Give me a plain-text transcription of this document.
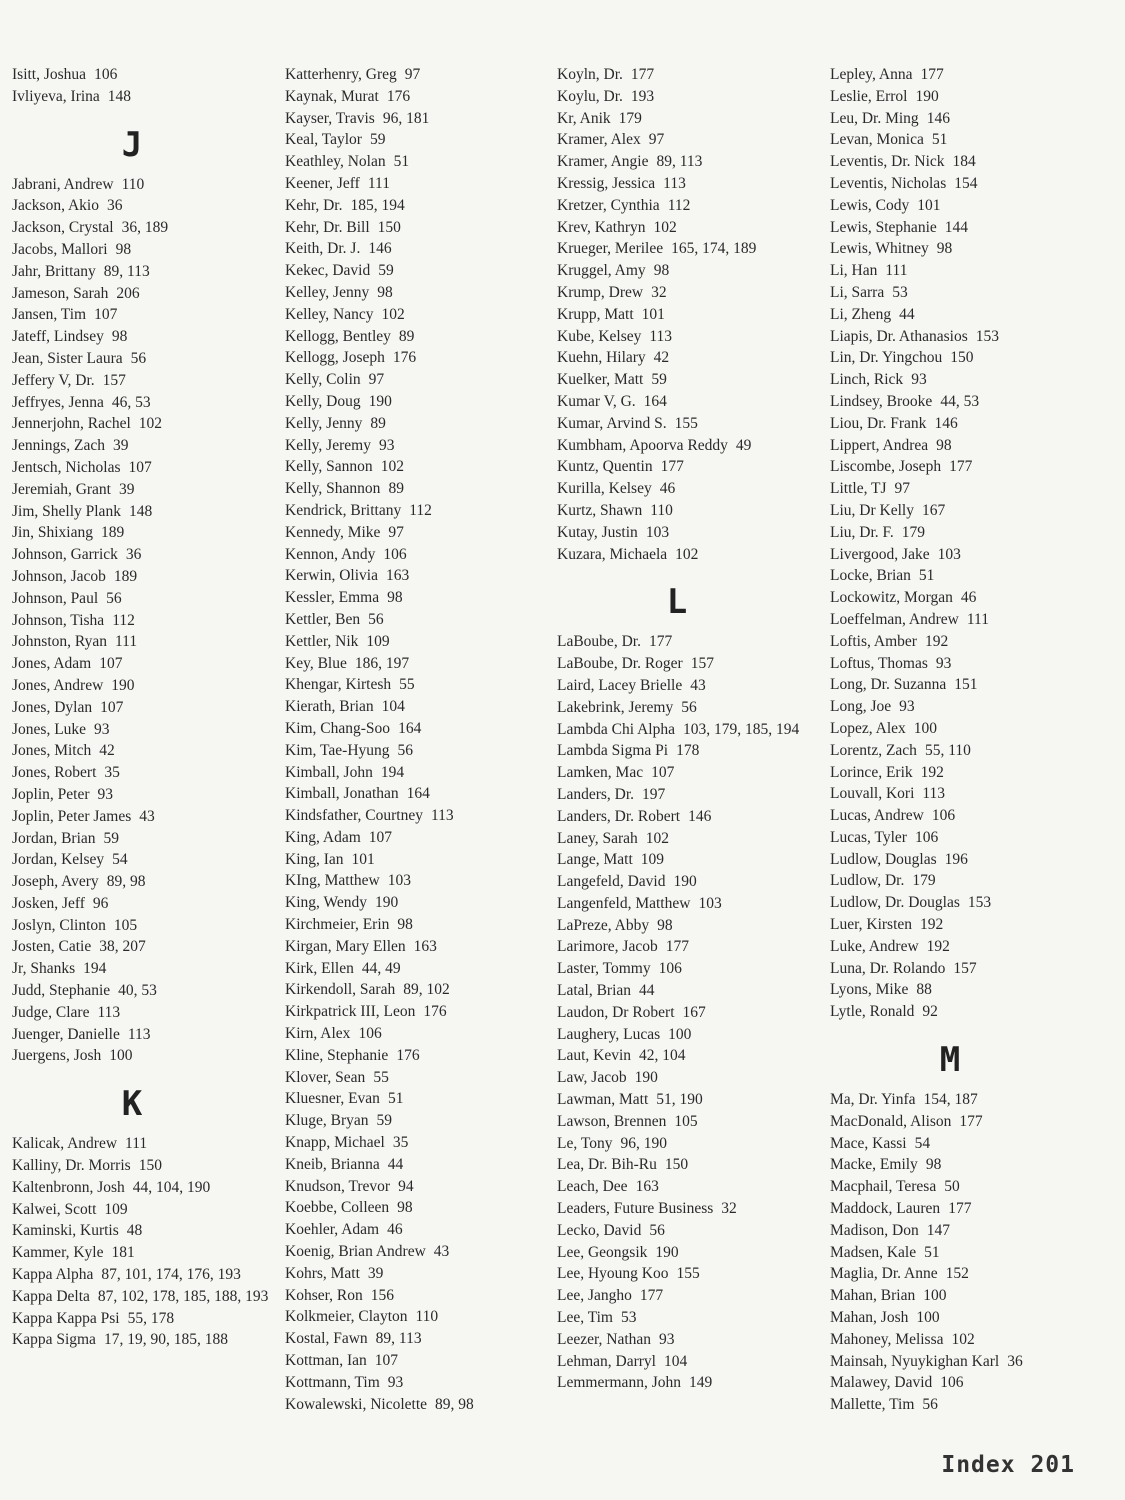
Isitt, Joshua 106
Ivliyeva, Irina 148
J
Jabrani, Andrew 110
Jackson, Akio 36
Jackson, Crystal 36, 189
Jacobs, Mallori 98
Jahr, Brittany 89, 113
Jameson, Sarah 206
Jansen, Tim 107
Jateff, Lindsey 98
Jean, Sister Laura 56
Jeffery V, Dr. 157
Jeffryes, Jenna 46, 53
Jennerjohn, Rachel 102
Jennings, Zach 39
Jentsch, Nicholas 107
Jeremiah, Grant 39
Jim, Shelly Plank 148
Jin, Shixiang 189
Johnson, Garrick 36
Johnson, Jacob 189
Johnson, Paul 56
Johnson, Tisha 112
Johnston, Ryan 111
Jones, Adam 107
Jones, Andrew 190
Jones, Dylan 107
Jones, Luke 93
Jones, Mitch 42
Jones, Robert 35
Joplin, Peter 93
Joplin, Peter James 43
Jordan, Brian 59
Jordan, Kelsey 54
Joseph, Avery 89, 98
Josken, Jeff 96
Joslyn, Clinton 105
Josten, Catie 38, 207
Jr, Shanks 194
Judd, Stephanie 40, 53
Judge, Clare 113
Juenger, Danielle 113
Juergens, Josh 100
K
Kalicak, Andrew 111
Kalliny, Dr. Morris 150
Kaltenbronn, Josh 44, 104, 190
Kalwei, Scott 109
Kaminski, Kurtis 48
Kammer, Kyle 181
Kappa Alpha 87, 101, 174, 176, 193
Kappa Delta 87, 102, 178, 185, 188, 193
Kappa Kappa Psi 55, 178
Kappa Sigma 17, 19, 90, 185, 188
Katterhenry, Greg 97
Kaynak, Murat 176
Kayser, Travis 96, 181
Keal, Taylor 59
Keathley, Nolan 51
Keener, Jeff 111
Kehr, Dr. 185, 194
Kehr, Dr. Bill 150
Keith, Dr. J. 146
Kekec, David 59
Kelley, Jenny 98
Kelley, Nancy 102
Kellogg, Bentley 89
Kellogg, Joseph 176
Kelly, Colin 97
Kelly, Doug 190
Kelly, Jenny 89
Kelly, Jeremy 93
Kelly, Sannon 102
Kelly, Shannon 89
Kendrick, Brittany 112
Kennedy, Mike 97
Kennon, Andy 106
Kerwin, Olivia 163
Kessler, Emma 98
Kettler, Ben 56
Kettler, Nik 109
Key, Blue 186, 197
Khengar, Kirtesh 55
Kierath, Brian 104
Kim, Chang-Soo 164
Kim, Tae-Hyung 56
Kimball, John 194
Kimball, Jonathan 164
Kindsfather, Courtney 113
King, Adam 107
King, Ian 101
KIng, Matthew 103
King, Wendy 190
Kirchmeier, Erin 98
Kirgan, Mary Ellen 163
Kirk, Ellen 44, 49
Kirkendoll, Sarah 89, 102
Kirkpatrick III, Leon 176
Kirn, Alex 106
Kline, Stephanie 176
Klover, Sean 55
Kluesner, Evan 51
Kluge, Bryan 59
Knapp, Michael 35
Kneib, Brianna 44
Knudson, Trevor 94
Koebbe, Colleen 98
Koehler, Adam 46
Koenig, Brian Andrew 43
Kohrs, Matt 39
Kohser, Ron 156
Kolkmeier, Clayton 110
Kostal, Fawn 89, 113
Kottman, Ian 107
Kottmann, Tim 93
Kowalewski, Nicolette 89, 98
Koyln, Dr. 177
Koylu, Dr. 193
Kr, Anik 179
Kramer, Alex 97
Kramer, Angie 89, 113
Kressig, Jessica 113
Kretzer, Cynthia 112
Krev, Kathryn 102
Krueger, Merilee 165, 174, 189
Kruggel, Amy 98
Krump, Drew 32
Krupp, Matt 101
Kube, Kelsey 113
Kuehn, Hilary 42
Kuelker, Matt 59
Kumar V, G. 164
Kumar, Arvind S. 155
Kumbham, Apoorva Reddy 49
Kuntz, Quentin 177
Kurilla, Kelsey 46
Kurtz, Shawn 110
Kutay, Justin 103
Kuzara, Michaela 102
L
LaBoube, Dr. 177
LaBoube, Dr. Roger 157
Laird, Lacey Brielle 43
Lakebrink, Jeremy 56
Lambda Chi Alpha 103, 179, 185, 194
Lambda Sigma Pi 178
Lamken, Mac 107
Landers, Dr. 197
Landers, Dr. Robert 146
Laney, Sarah 102
Lange, Matt 109
Langefeld, David 190
Langenfeld, Matthew 103
LaPreze, Abby 98
Larimore, Jacob 177
Laster, Tommy 106
Latal, Brian 44
Laudon, Dr Robert 167
Laughery, Lucas 100
Laut, Kevin 42, 104
Law, Jacob 190
Lawman, Matt 51, 190
Lawson, Brennen 105
Le, Tony 96, 190
Lea, Dr. Bih-Ru 150
Leach, Dee 163
Leaders, Future Business 32
Lecko, David 56
Lee, Geongsik 190
Lee, Hyoung Koo 155
Lee, Jangho 177
Lee, Tim 53
Leezer, Nathan 93
Lehman, Darryl 104
Lemmermann, John 149
Lepley, Anna 177
Leslie, Errol 190
Leu, Dr. Ming 146
Levan, Monica 51
Leventis, Dr. Nick 184
Leventis, Nicholas 154
Lewis, Cody 101
Lewis, Stephanie 144
Lewis, Whitney 98
Li, Han 111
Li, Sarra 53
Li, Zheng 44
Liapis, Dr. Athanasios 153
Lin, Dr. Yingchou 150
Linch, Rick 93
Lindsey, Brooke 44, 53
Liou, Dr. Frank 146
Lippert, Andrea 98
Liscombe, Joseph 177
Little, TJ 97
Liu, Dr Kelly 167
Liu, Dr. F. 179
Livergood, Jake 103
Locke, Brian 51
Lockowitz, Morgan 46
Loeffelman, Andrew 111
Loftis, Amber 192
Loftus, Thomas 93
Long, Dr. Suzanna 151
Long, Joe 93
Lopez, Alex 100
Lorentz, Zach 55, 110
Lorince, Erik 192
Louvall, Kori 113
Lucas, Andrew 106
Lucas, Tyler 106
Ludlow, Douglas 196
Ludlow, Dr. 179
Ludlow, Dr. Douglas 153
Luer, Kirsten 192
Luke, Andrew 192
Luna, Dr. Rolando 157
Lyons, Mike 88
Lytle, Ronald 92
M
Ma, Dr. Yinfa 154, 187
MacDonald, Alison 177
Mace, Kassi 54
Macke, Emily 98
Macphail, Teresa 50
Maddock, Lauren 177
Madison, Don 147
Madsen, Kale 51
Maglia, Dr. Anne 152
Mahan, Brian 100
Mahan, Josh 100
Mahoney, Melissa 102
Mainsah, Nyuykighan Karl 36
Malawey, David 106
Mallette, Tim 56
Index 201
